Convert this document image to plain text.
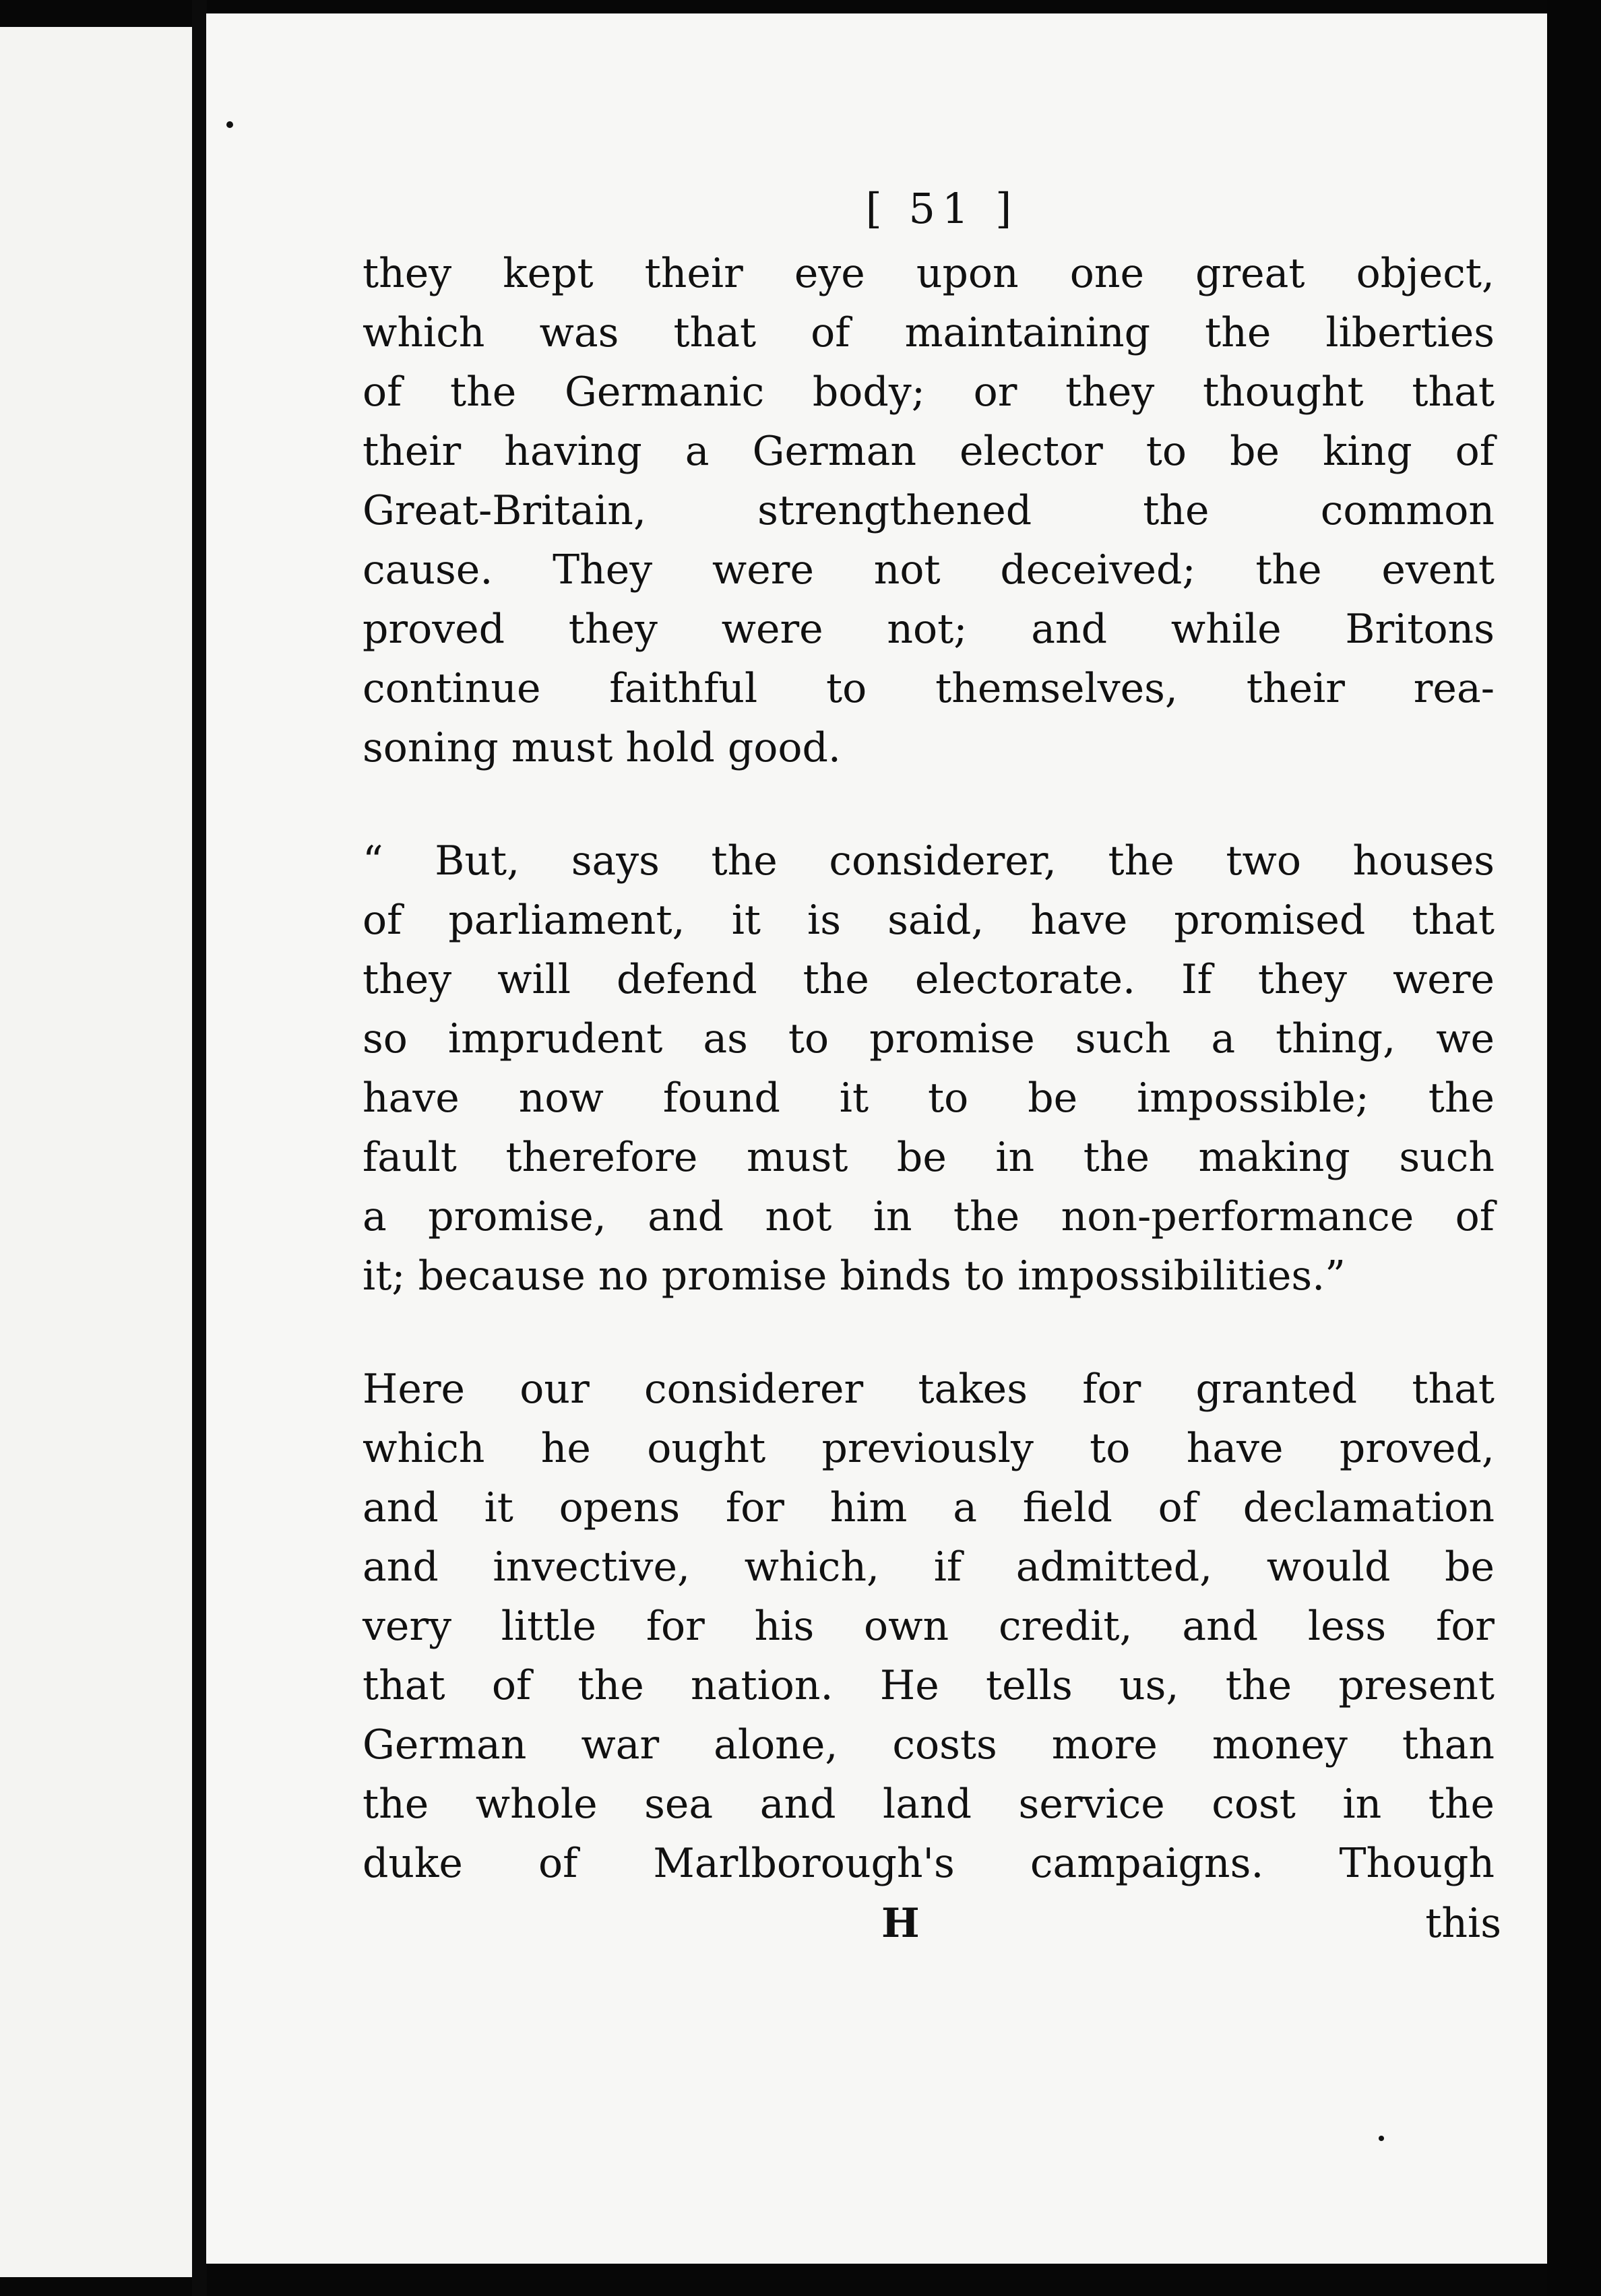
[ 51 ]
they kept their eye upon one great object,
which was that of maintaining the liberties
of the Germanic body; or they thought that
their having a German elector to be king of
Great-Britain, strengthened the common
cause. They were not deceived; the event
proved they were not; and while Britons
continue faithful to themselves, their rea-
soning must hold good.
“ But, says the considerer, the two houses
of parliament, it is said, have promised that
they will defend the electorate. If they were
so imprudent as to promise such a thing, we
have now found it to be impossible; the
fault therefore must be in the making such
a promise, and not in the non-performance of
it; because no promise binds to impossibilities.”
Here our considerer takes for granted that
which he ought previously to have proved,
and it opens for him a field of declamation
and invective, which, if admitted, would be
very little for his own credit, and less for
that of the nation. He tells us, the present
German war alone, costs more money than
the whole sea and land service cost in the
duke of Marlborough's campaigns. Though
H	this
